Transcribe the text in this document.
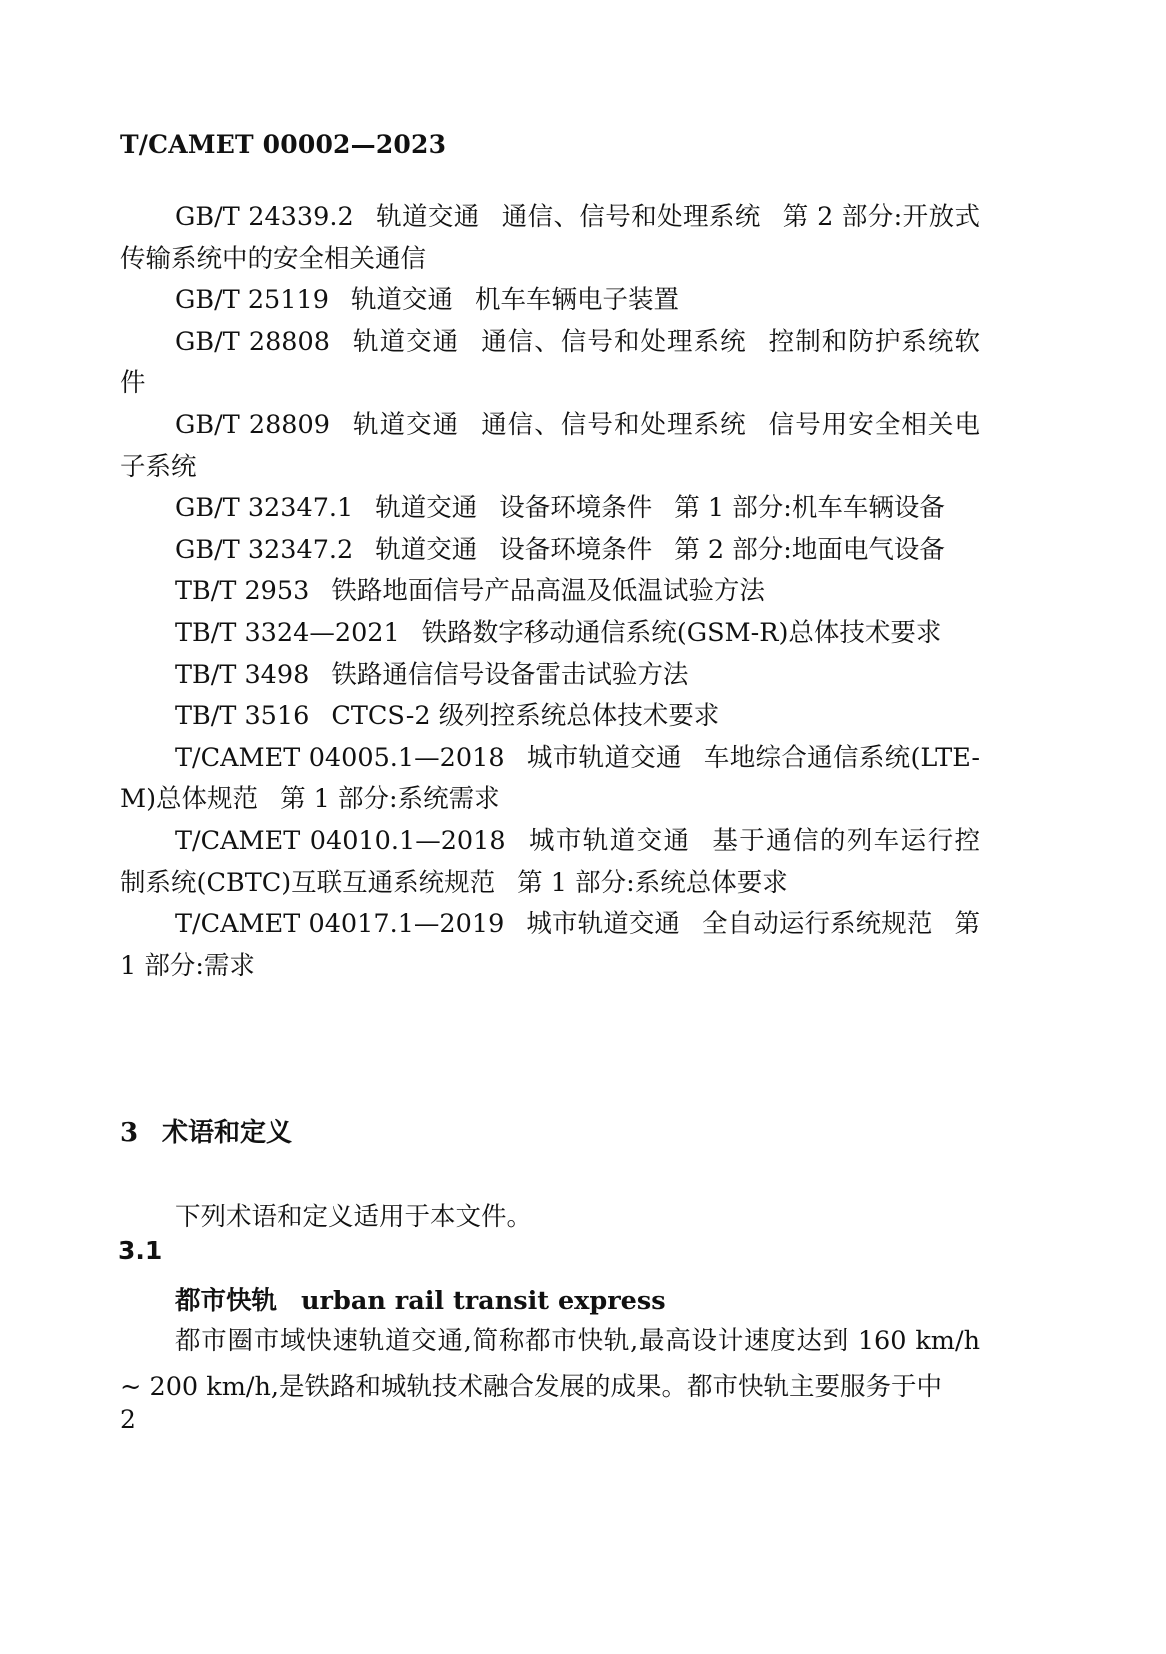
T/CAMET 00002—2023

GB/T 24339.2 轨道交通 通信、信号和处理系统 第 2 部分:开放式传输系统中的安全相关通信

GB/T 25119 轨道交通 机车车辆电子装置

GB/T 28808 轨道交通 通信、信号和处理系统 控制和防护系统软件

GB/T 28809 轨道交通 通信、信号和处理系统 信号用安全相关电子系统

GB/T 32347.1 轨道交通 设备环境条件 第 1 部分:机车车辆设备

GB/T 32347.2 轨道交通 设备环境条件 第 2 部分:地面电气设备

TB/T 2953 铁路地面信号产品高温及低温试验方法

TB/T 3324—2021 铁路数字移动通信系统(GSM-R)总体技术要求

TB/T 3498 铁路通信信号设备雷击试验方法

TB/T 3516 CTCS-2 级列控系统总体技术要求

T/CAMET 04005.1—2018 城市轨道交通 车地综合通信系统(LTE-M)总体规范 第 1 部分:系统需求

T/CAMET 04010.1—2018 城市轨道交通 基于通信的列车运行控制系统(CBTC)互联互通系统规范 第 1 部分:系统总体要求

T/CAMET 04017.1—2019 城市轨道交通 全自动运行系统规范 第 1 部分:需求

3 术语和定义
下列术语和定义适用于本文件。
3.1
都市快轨 urban rail transit express

都市圈市域快速轨道交通,简称都市快轨,最高设计速度达到 160 km/h ~ 200 km/h,是铁路和城轨技术融合发展的成果。都市快轨主要服务于中

2
